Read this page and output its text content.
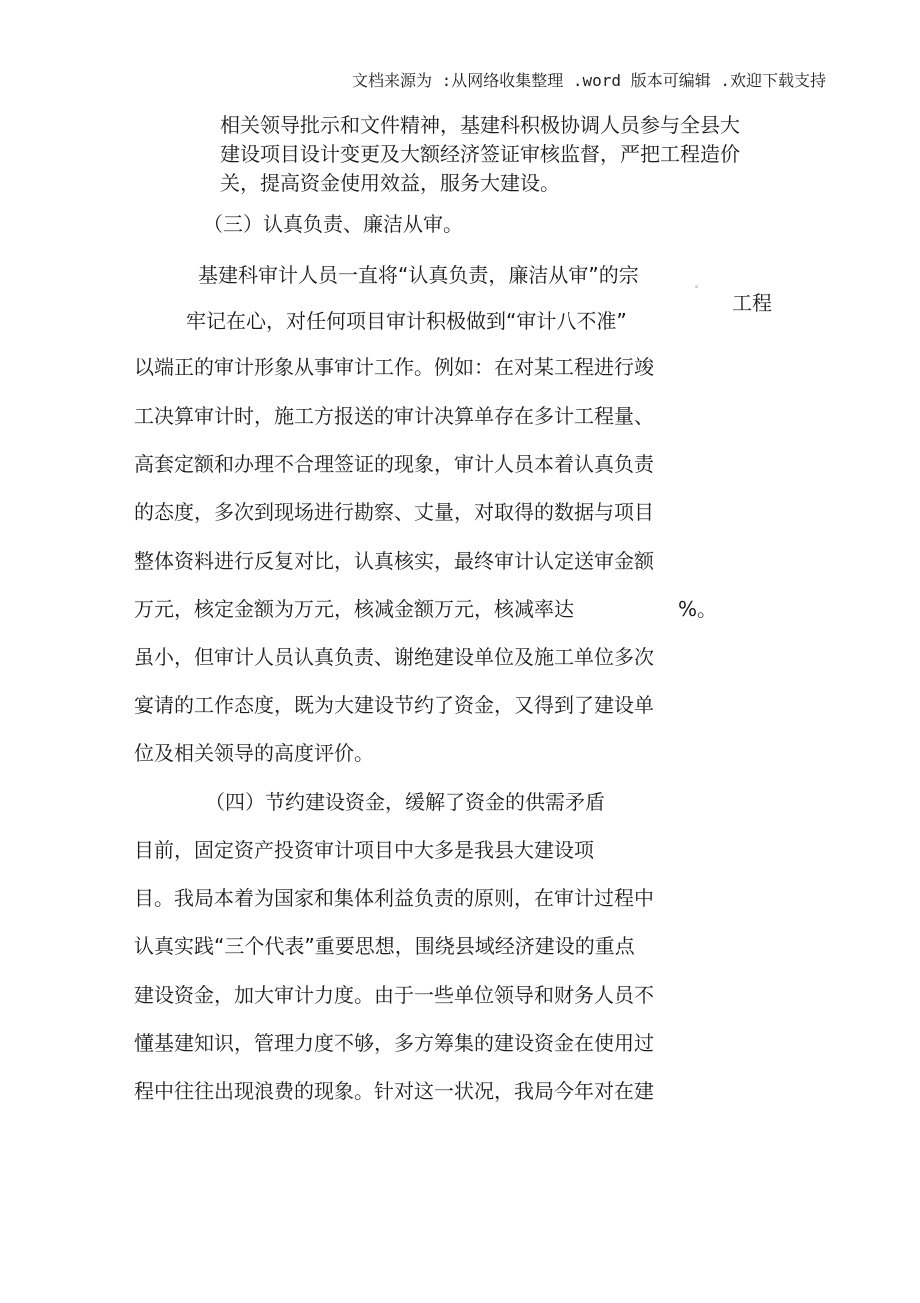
文档来源为 :从网络收集整理 .word 版本可编辑 .欢迎下载支持
相关领导批示和文件精神，基建科积极协调人员参与全县大
建设项目设计变更及大额经济签证审核监督，严把工程造价
关，提高资金使用效益，服务大建设。
（三）认真负责、廉洁从审。
基建科审计人员一直将“认真负责，廉洁从审”的宗	。
牢记在心，对任何项目审计积极做到“审计八不准”
工程
以端正的审计形象从事审计工作。例如：在对某工程进行竣
工决算审计时，施工方报送的审计决算单存在多计工程量、
高套定额和办理不合理签证的现象，审计人员本着认真负责
的态度，多次到现场进行勘察、丈量，对取得的数据与项目
整体资料进行反复对比，认真核实，最终审计认定送审金额
万元，核定金额为万元，核减金额万元，核减率达	%。
虽小，但审计人员认真负责、谢绝建设单位及施工单位多次
宴请的工作态度，既为大建设节约了资金，又得到了建设单
位及相关领导的高度评价。
（四）节约建设资金，缓解了资金的供需矛盾
目前，固定资产投资审计项目中大多是我县大建设项
目。我局本着为国家和集体利益负责的原则，在审计过程中
认真实践“三个代表”重要思想，围绕县域经济建设的重点
建设资金，加大审计力度。由于一些单位领导和财务人员不
懂基建知识，管理力度不够，多方筹集的建设资金在使用过
程中往往出现浪费的现象。针对这一状况，我局今年对在建
